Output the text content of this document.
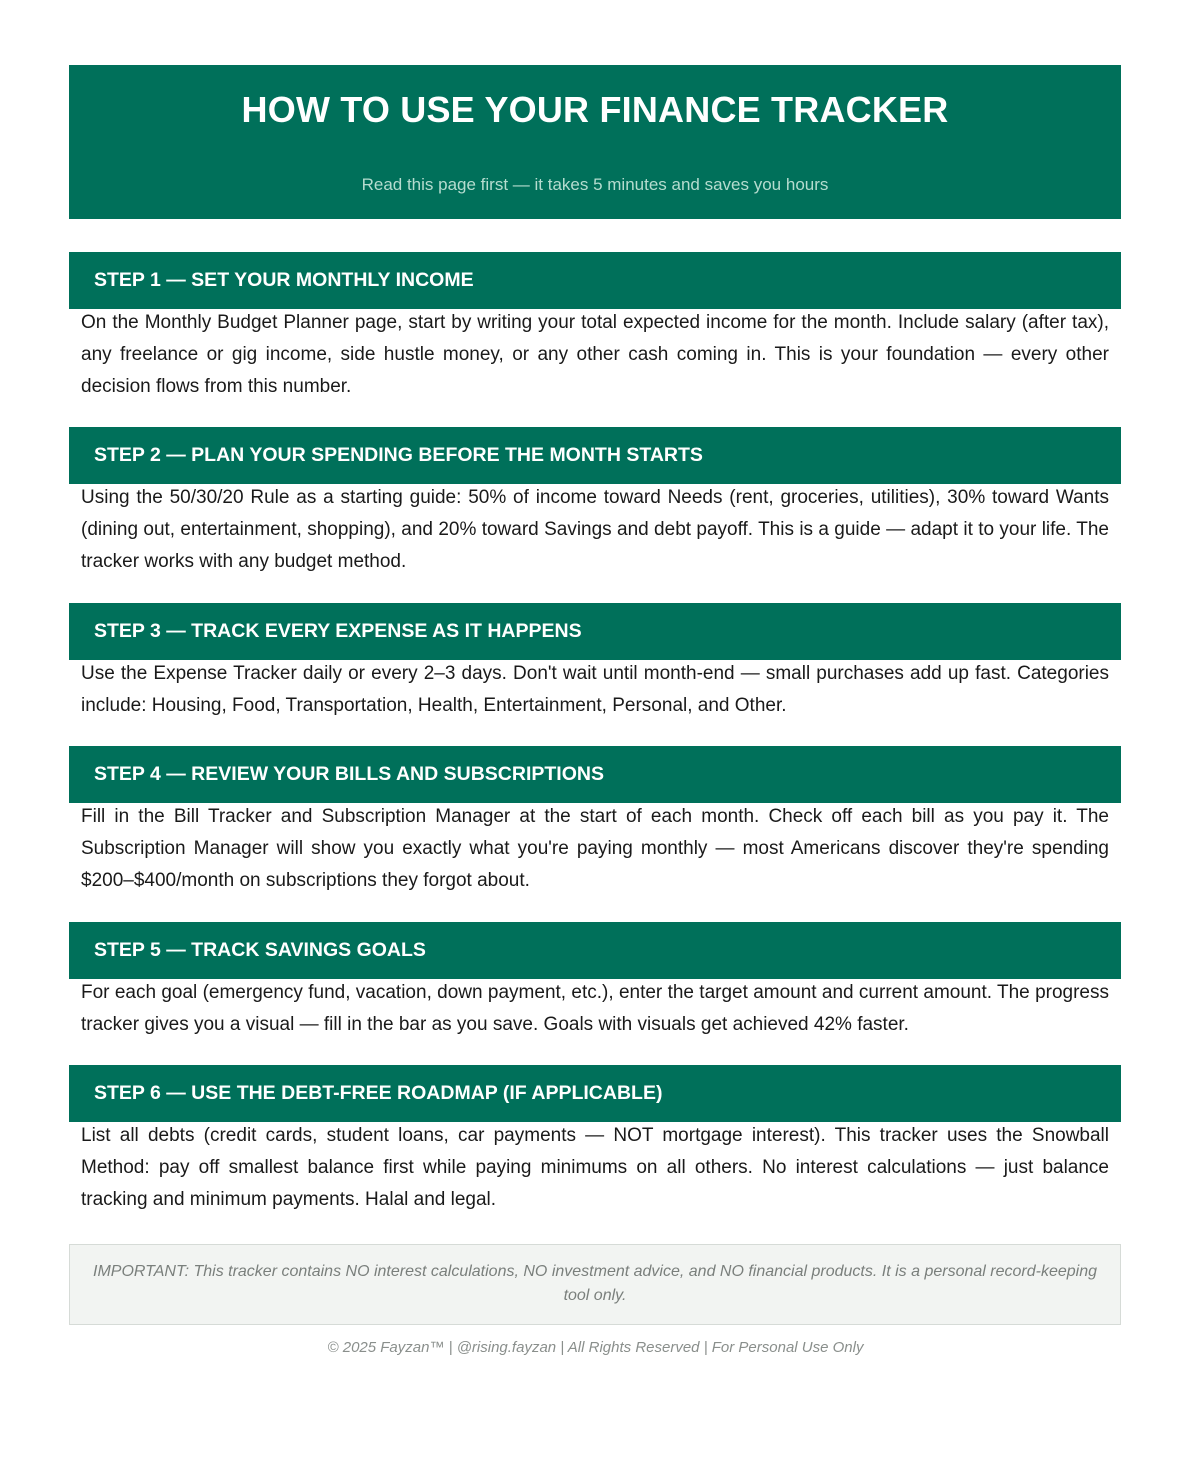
HOW TO USE YOUR FINANCE TRACKER
Read this page first — it takes 5 minutes and saves you hours
STEP 1 — SET YOUR MONTHLY INCOME

On the Monthly Budget Planner page, start by writing your total expected income for the month. Include salary (after tax), any freelance or gig income, side hustle money, or any other cash coming in. This is your foundation — every other decision flows from this number.

STEP 2 — PLAN YOUR SPENDING BEFORE THE MONTH STARTS

Using the 50/30/20 Rule as a starting guide: 50% of income toward Needs (rent, groceries, utilities), 30% toward Wants (dining out, entertainment, shopping), and 20% toward Savings and debt payoff. This is a guide — adapt it to your life. The tracker works with any budget method.

STEP 3 — TRACK EVERY EXPENSE AS IT HAPPENS

Use the Expense Tracker daily or every 2–3 days. Don't wait until month-end — small purchases add up fast. Categories include: Housing, Food, Transportation, Health, Entertainment, Personal, and Other.

STEP 4 — REVIEW YOUR BILLS AND SUBSCRIPTIONS

Fill in the Bill Tracker and Subscription Manager at the start of each month. Check off each bill as you pay it. The Subscription Manager will show you exactly what you're paying monthly — most Americans discover they're spending $200–$400/month on subscriptions they forgot about.

STEP 5 — TRACK SAVINGS GOALS

For each goal (emergency fund, vacation, down payment, etc.), enter the target amount and current amount. The progress tracker gives you a visual — fill in the bar as you save. Goals with visuals get achieved 42% faster.

STEP 6 — USE THE DEBT-FREE ROADMAP (IF APPLICABLE)

List all debts (credit cards, student loans, car payments — NOT mortgage interest). This tracker uses the Snowball Method: pay off smallest balance first while paying minimums on all others. No interest calculations — just balance tracking and minimum payments. Halal and legal.

IMPORTANT: This tracker contains NO interest calculations, NO investment advice, and NO financial products. It is a personal record-keeping tool only.
© 2025 Fayzan™ | @rising.fayzan | All Rights Reserved | For Personal Use Only
